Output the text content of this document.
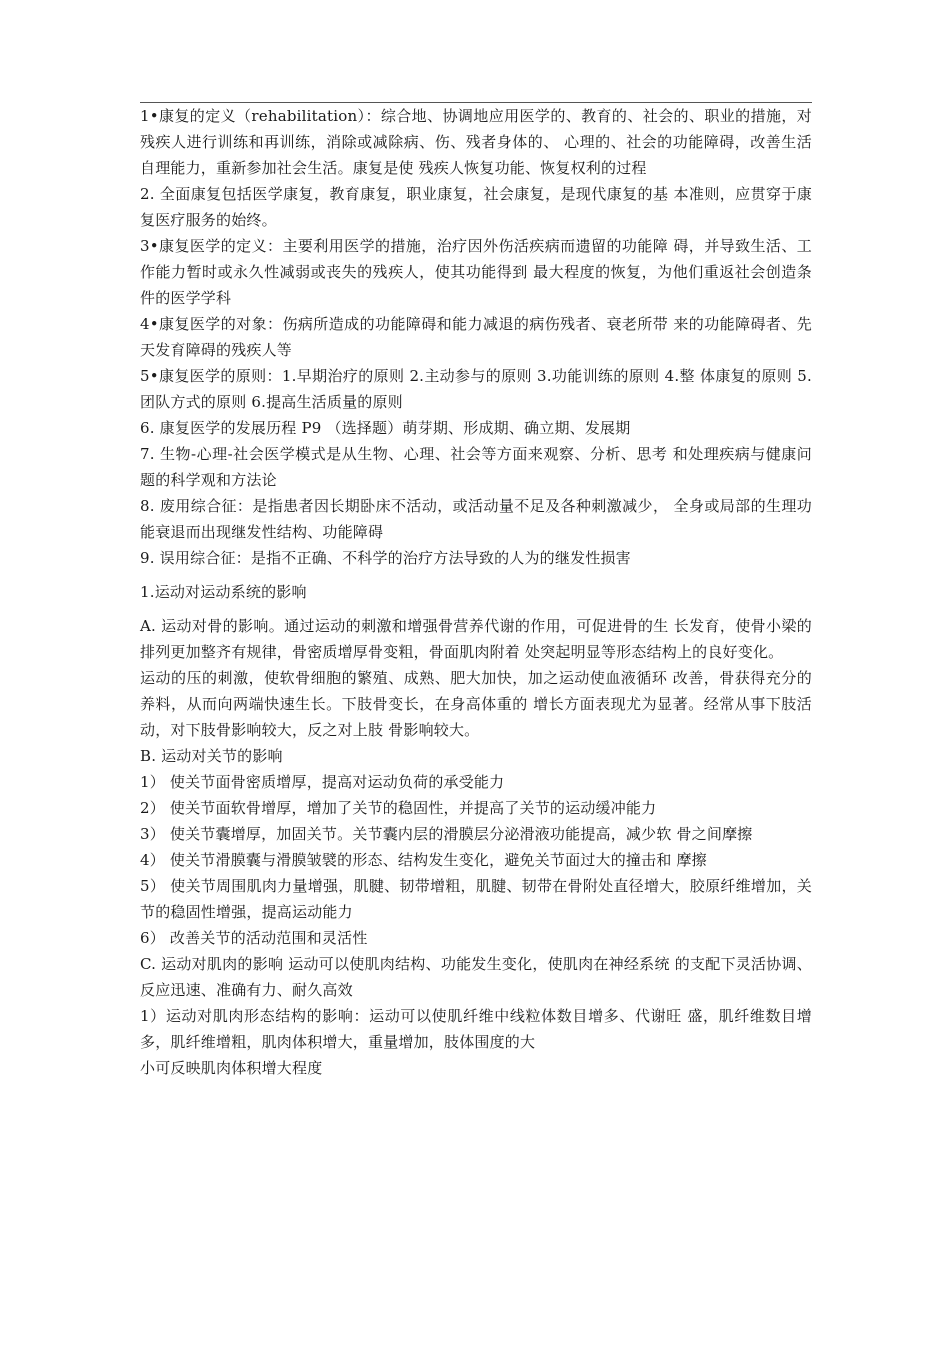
1•康复的定义（rehabilitation）：综合地、协调地应用医学的、教育的、社会的、职业的措施，对残疾人进行训练和再训练，消除或减除病、伤、残者身体的、 心理的、社会的功能障碍，改善生活自理能力，重新参加社会生活。康复是使 残疾人恢复功能、恢复权利的过程

2. 全面康复包括医学康复，教育康复，职业康复，社会康复，是现代康复的基 本准则，应贯穿于康复医疗服务的始终。

3•康复医学的定义：主要利用医学的措施，治疗因外伤活疾病而遗留的功能障 碍，并导致生活、工作能力暂时或永久性减弱或丧失的残疾人，使其功能得到 最大程度的恢复，为他们重返社会创造条件的医学学科

4•康复医学的对象：伤病所造成的功能障碍和能力减退的病伤残者、衰老所带 来的功能障碍者、先天发育障碍的残疾人等

5•康复医学的原则：1.早期治疗的原则 2.主动参与的原则 3.功能训练的原则 4.整 体康复的原则 5.团队方式的原则 6.提高生活质量的原则

6. 康复医学的发展历程 P9 （选择题）萌芽期、形成期、确立期、发展期

7. 生物-心理-社会医学模式是从生物、心理、社会等方面来观察、分析、思考 和处理疾病与健康问题的科学观和方法论

8. 废用综合征：是指患者因长期卧床不活动，或活动量不足及各种刺激减少， 全身或局部的生理功能衰退而出现继发性结构、功能障碍

9. 误用综合征：是指不正确、不科学的治疗方法导致的人为的继发性损害

1.运动对运动系统的影响

A. 运动对骨的影响。通过运动的刺激和增强骨营养代谢的作用，可促进骨的生 长发育，使骨小梁的排列更加整齐有规律，骨密质增厚骨变粗，骨面肌肉附着 处突起明显等形态结构上的良好变化。

运动的压的刺激，使软骨细胞的繁殖、成熟、肥大加快，加之运动使血液循环 改善，骨获得充分的养料，从而向两端快速生长。下肢骨变长，在身高体重的 增长方面表现尤为显著。经常从事下肢活动，对下肢骨影响较大，反之对上肢 骨影响较大。

B. 运动对关节的影响

1） 使关节面骨密质增厚，提高对运动负荷的承受能力

2） 使关节面软骨增厚，增加了关节的稳固性，并提高了关节的运动缓冲能力

3） 使关节囊增厚，加固关节。关节囊内层的滑膜层分泌滑液功能提高，减少软 骨之间摩擦

4） 使关节滑膜囊与滑膜皱襞的形态、结构发生变化，避免关节面过大的撞击和 摩擦

5） 使关节周围肌肉力量增强，肌腱、韧带增粗，肌腱、韧带在骨附处直径增大，胶原纤维增加，关节的稳固性增强，提高运动能力

6） 改善关节的活动范围和灵活性

C. 运动对肌肉的影响 运动可以使肌肉结构、功能发生变化，使肌肉在神经系统 的支配下灵活协调、反应迅速、准确有力、耐久高效

1）运动对肌肉形态结构的影响：运动可以使肌纤维中线粒体数目增多、代谢旺 盛，肌纤维数目增多，肌纤维增粗，肌肉体积增大，重量增加，肢体围度的大

小可反映肌肉体积增大程度
